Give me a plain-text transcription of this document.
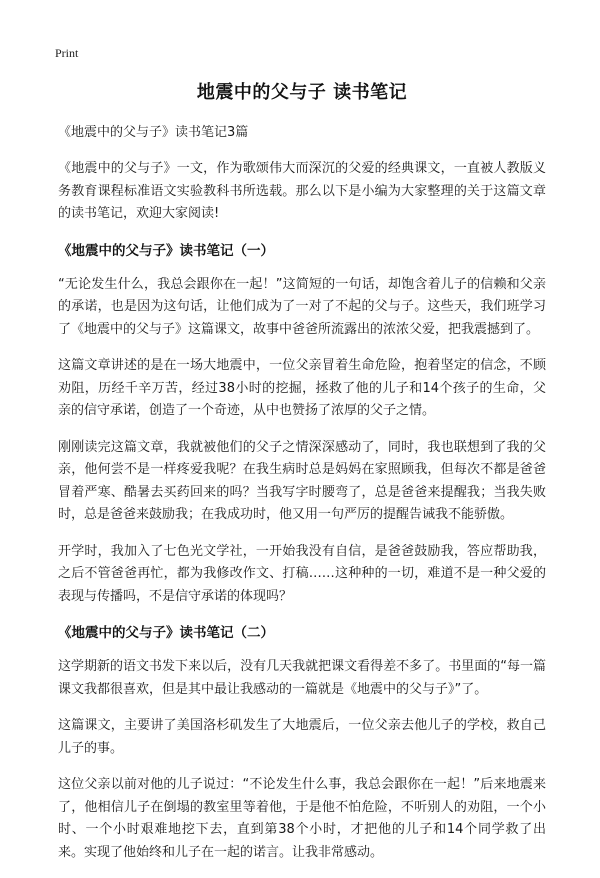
Print
地震中的父与子 读书笔记
《地震中的父与子》读书笔记3篇

《地震中的父与子》一文，作为歌颂伟大而深沉的父爱的经典课文，一直被人教版义务教育课程标准语文实验教科书所选载。那么以下是小编为大家整理的关于这篇文章的读书笔记，欢迎大家阅读!

《地震中的父与子》读书笔记（一）

“无论发生什么，我总会跟你在一起！”这简短的一句话，却饱含着儿子的信赖和父亲的承诺，也是因为这句话，让他们成为了一对了不起的父与子。这些天，我们班学习了《地震中的父与子》这篇课文，故事中爸爸所流露出的浓浓父爱，把我震撼到了。

这篇文章讲述的是在一场大地震中，一位父亲冒着生命危险，抱着坚定的信念，不顾劝阻，历经千辛万苦，经过38小时的挖掘，拯救了他的儿子和14个孩子的生命，父亲的信守承诺，创造了一个奇迹，从中也赞扬了浓厚的父子之情。

刚刚读完这篇文章，我就被他们的父子之情深深感动了，同时，我也联想到了我的父亲，他何尝不是一样疼爱我呢？在我生病时总是妈妈在家照顾我，但每次不都是爸爸冒着严寒、酷暑去买药回来的吗？当我写字时腰弯了，总是爸爸来提醒我；当我失败时，总是爸爸来鼓励我；在我成功时，他又用一句严厉的提醒告诫我不能骄傲。

开学时，我加入了七色光文学社，一开始我没有自信，是爸爸鼓励我，答应帮助我，之后不管爸爸再忙，都为我修改作文、打稿……这种种的一切，难道不是一种父爱的表现与传播吗，不是信守承诺的体现吗？

《地震中的父与子》读书笔记（二）

这学期新的语文书发下来以后，没有几天我就把课文看得差不多了。书里面的“每一篇课文我都很喜欢，但是其中最让我感动的一篇就是《地震中的父与子》”了。

这篇课文，主要讲了美国洛杉矶发生了大地震后，一位父亲去他儿子的学校，救自己儿子的事。

这位父亲以前对他的儿子说过：“不论发生什么事，我总会跟你在一起！”后来地震来了，他相信儿子在倒塌的教室里等着他，于是他不怕危险，不听别人的劝阻，一个小时、一个小时艰难地挖下去，直到第38个小时，才把他的儿子和14个同学救了出来。实现了他始终和儿子在一起的诺言。让我非常感动。
